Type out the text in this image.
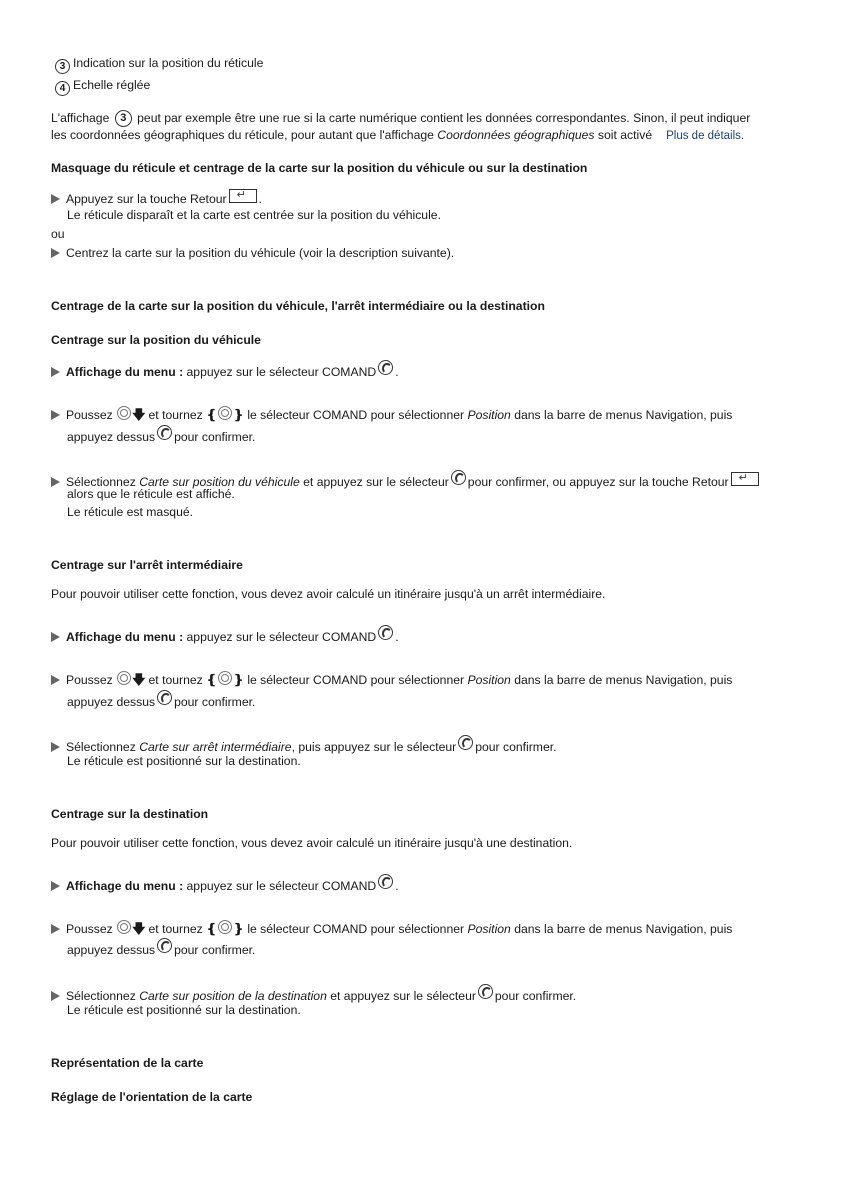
3 Indication sur la position du réticule
4 Echelle réglée
L'affichage 3 peut par exemple être une rue si la carte numérique contient les données correspondantes. Sinon, il peut indiquer
les coordonnées géographiques du réticule, pour autant que l'affichage Coordonnées géographiques soit activé Plus de détails.
Masquage du réticule et centrage de la carte sur la position du véhicule ou sur la destination
Appuyez sur la touche Retour↵	.
Le réticule disparaît et la carte est centrée sur la position du véhicule.
ou
Centrez la carte sur la position du véhicule (voir la description suivante).
Centrage de la carte sur la position du véhicule, l'arrêt intermédiaire ou la destination
Centrage sur la position du véhicule
Affichage du menu : appuyez sur le sélecteur COMAND .
Poussez 🡇 et tournez ❴ ❵ le sélecteur COMAND pour sélectionner Position dans la barre de menus Navigation, puis
appuyez dessus pour confirmer.
Sélectionnez Carte sur position du véhicule et appuyez sur le sélecteur pour confirmer, ou appuyez sur la touche Retour↵
alors que le réticule est affiché.
Le réticule est masqué.
Centrage sur l'arrêt intermédiaire
Pour pouvoir utiliser cette fonction, vous devez avoir calculé un itinéraire jusqu'à un arrêt intermédiaire.
Affichage du menu : appuyez sur le sélecteur COMAND .
Poussez 🡇 et tournez ❴ ❵ le sélecteur COMAND pour sélectionner Position dans la barre de menus Navigation, puis
appuyez dessus pour confirmer.
Sélectionnez Carte sur arrêt intermédiaire, puis appuyez sur le sélecteur pour confirmer.
Le réticule est positionné sur la destination.
Centrage sur la destination
Pour pouvoir utiliser cette fonction, vous devez avoir calculé un itinéraire jusqu'à une destination.
Affichage du menu : appuyez sur le sélecteur COMAND .
Poussez 🡇 et tournez ❴ ❵ le sélecteur COMAND pour sélectionner Position dans la barre de menus Navigation, puis
appuyez dessus pour confirmer.
Sélectionnez Carte sur position de la destination et appuyez sur le sélecteur pour confirmer.
Le réticule est positionné sur la destination.
Représentation de la carte
Réglage de l'orientation de la carte
